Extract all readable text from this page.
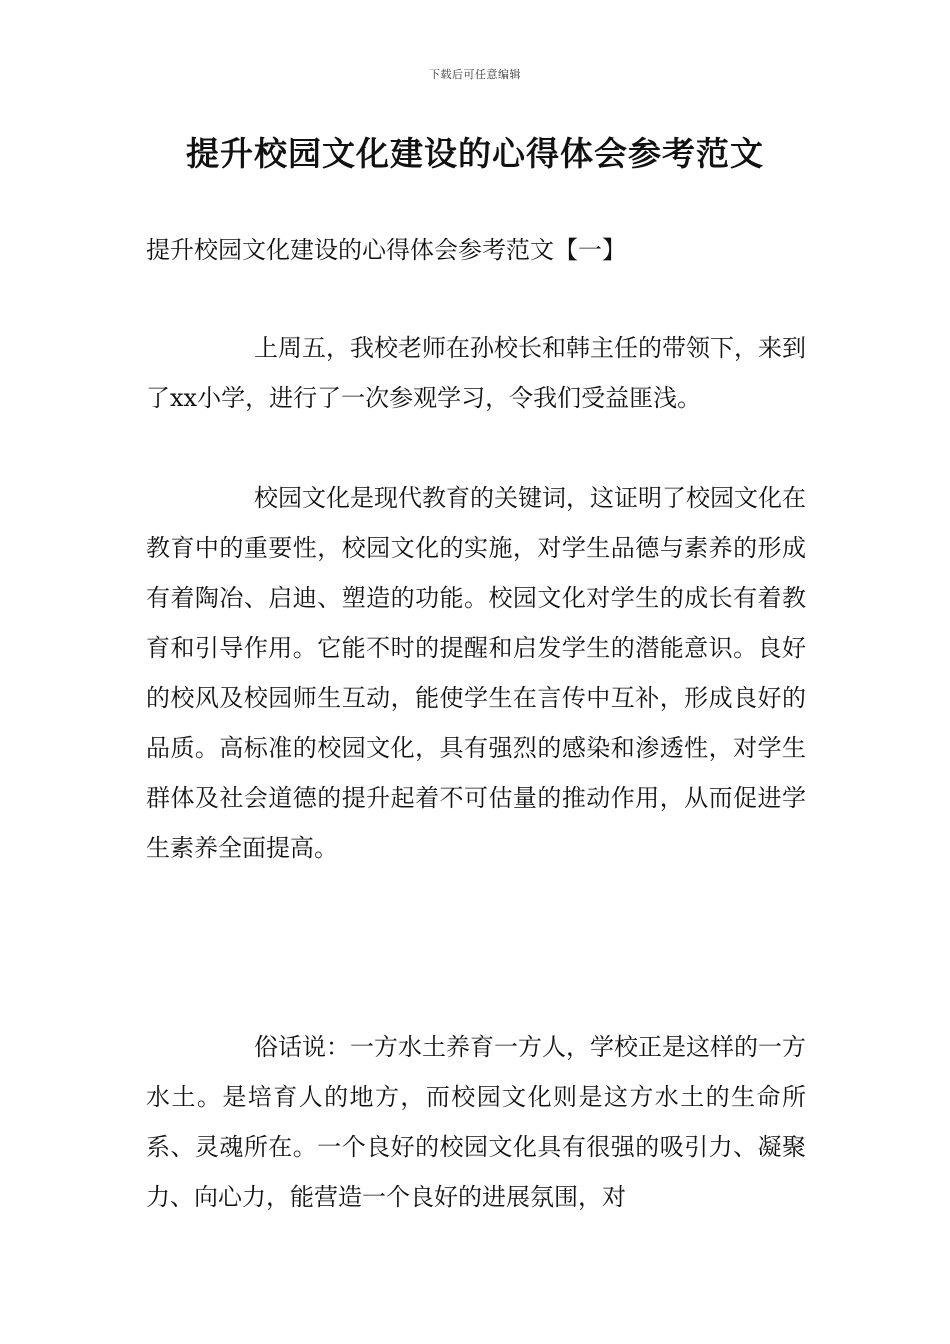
下载后可任意编辑
提升校园文化建设的心得体会参考范文
提升校园文化建设的心得体会参考范文【一】

上周五，我校老师在孙校长和韩主任的带领下，来到了xx小学，进行了一次参观学习，令我们受益匪浅。

校园文化是现代教育的关键词，这证明了校园文化在教育中的重要性，校园文化的实施，对学生品德与素养的形成有着陶冶、启迪、塑造的功能。校园文化对学生的成长有着教育和引导作用。它能不时的提醒和启发学生的潜能意识。良好的校风及校园师生互动，能使学生在言传中互补，形成良好的品质。高标准的校园文化，具有强烈的感染和渗透性，对学生群体及社会道德的提升起着不可估量的推动作用，从而促进学生素养全面提高。

俗话说：一方水土养育一方人，学校正是这样的一方水土。是培育人的地方，而校园文化则是这方水土的生命所系、灵魂所在。一个良好的校园文化具有很强的吸引力、凝聚力、向心力，能营造一个良好的进展氛围，对
